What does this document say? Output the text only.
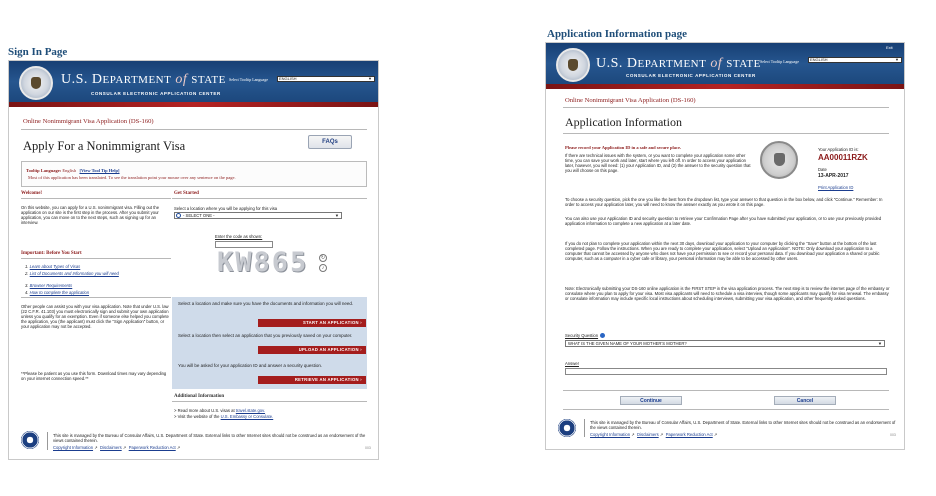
Sign In Page
Application Information page
U.S. DEPARTMENT of STATE
CONSULAR ELECTRONIC APPLICATION CENTER
Select Tooltip Language	ENGLISH	▼
Online Nonimmigrant Visa Application (DS-160)
Apply For a Nonimmigrant Visa	FAQs
Tooltip Language: English [View Tool Tip Help]
Most of this application has been translated. To see the translation point your mouse over any sentence on the page.
Welcome!
On this website, you can apply for a U.S. nonimmigrant visa. Filling out the application on our site is the first step in the process. After you submit your application, you can move on to the next steps, such as signing up for an interview.
Important: Before You Start
1. Learn about Types of Visas
2. List of Documents and Information you will need
3. Browser Requirements
4. How to complete the application
Other people can assist you with your visa application. Note that under U.S. law (22 C.F.R. 41.103) you must electronically sign and submit your own application unless you qualify for an exemption. Even if someone else helped you complete the application, you (the applicant) must click the "Sign Application" button, or your application may not be accepted.
**Please be patient as you use this form. Download times may vary depending on your internet connection speed.**
Get Started
Select a location where you will be applying for this visa
- SELECT ONE -	▼
Enter the code as shown:
KW865	↻
♪
Select a location and make sure you have the documents and information you will need.
START AN APPLICATION ›
Select a location then select an application that you previously saved on your computer.
UPLOAD AN APPLICATION ›
You will be asked for your application ID and answer a security question.
RETRIEVE AN APPLICATION ›
Additional Information
> Read more about U.S. visas at travel.state.gov.
> Visit the website of the U.S. Embassy or Consulate.
This site is managed by the Bureau of Consular Affairs, U.S. Department of State. External links to other Internet sites should not be construed as an endorsement of the views contained therein.
Copyright Information ↗  Disclaimers ↗  Paperwork Reduction Act ↗	003
U.S. DEPARTMENT of STATE
CONSULAR ELECTRONIC APPLICATION CENTER
Exit
Select Tooltip Language	ENGLISH	▼
Online Nonimmigrant Visa Application (DS-160)
Application Information
Please record your Application ID in a safe and secure place.
If there are technical issues with the system, or you want to complete your application some other time, you can save your work and later, start where you left off. In order to access your application later, however, you will need: (1) your Application ID, and (2) the answer to the security question that you will choose on this page.
Your Application ID is:
AA00011RZK
Date
13-APR-2017
Print Application ID
To choose a security question, pick the one you like the best from the dropdown list, type your answer to that question in the box below, and click "Continue." Remember: In order to access your application later, you will need to know the answer exactly as you wrote it on this page.
You can also use your Application ID and security question to retrieve your Confirmation Page after you have submitted your application, or to use your previously provided application information to complete a new application at a later date.
If you do not plan to complete your application within the next 30 days, download your application to your computer by clicking the "Save" button at the bottom of the last completed page. Follow the instructions. When you are ready to complete your application, select "Upload an Application". NOTE: Only download your application to a computer that cannot be accessed by anyone who does not have your permission to see or record your personal data. If you download your application a shared or public computer, such as a computer in a cyber cafe or library, your personal information may be able to be accessed by other users.
Note: Electronically submitting your DS-160 online application is the FIRST STEP in the visa application process. The next step is to review the internet page of the embassy or consulate where you plan to apply for your visa. Most visa applicants will need to schedule a visa interview, though some applicants may qualify for visa renewal. The embassy or consulate information may include specific local instructions about scheduling interviews, submitting your visa application, and other frequently asked questions.
Security Question
WHAT IS THE GIVEN NAME OF YOUR MOTHER'S MOTHER?	▼
Answer
Continue	Cancel
This site is managed by the Bureau of Consular Affairs, U.S. Department of State. External links to other Internet sites should not be construed as an endorsement of the views contained therein.
Copyright Information ↗  Disclaimers ↗  Paperwork Reduction Act ↗	003
